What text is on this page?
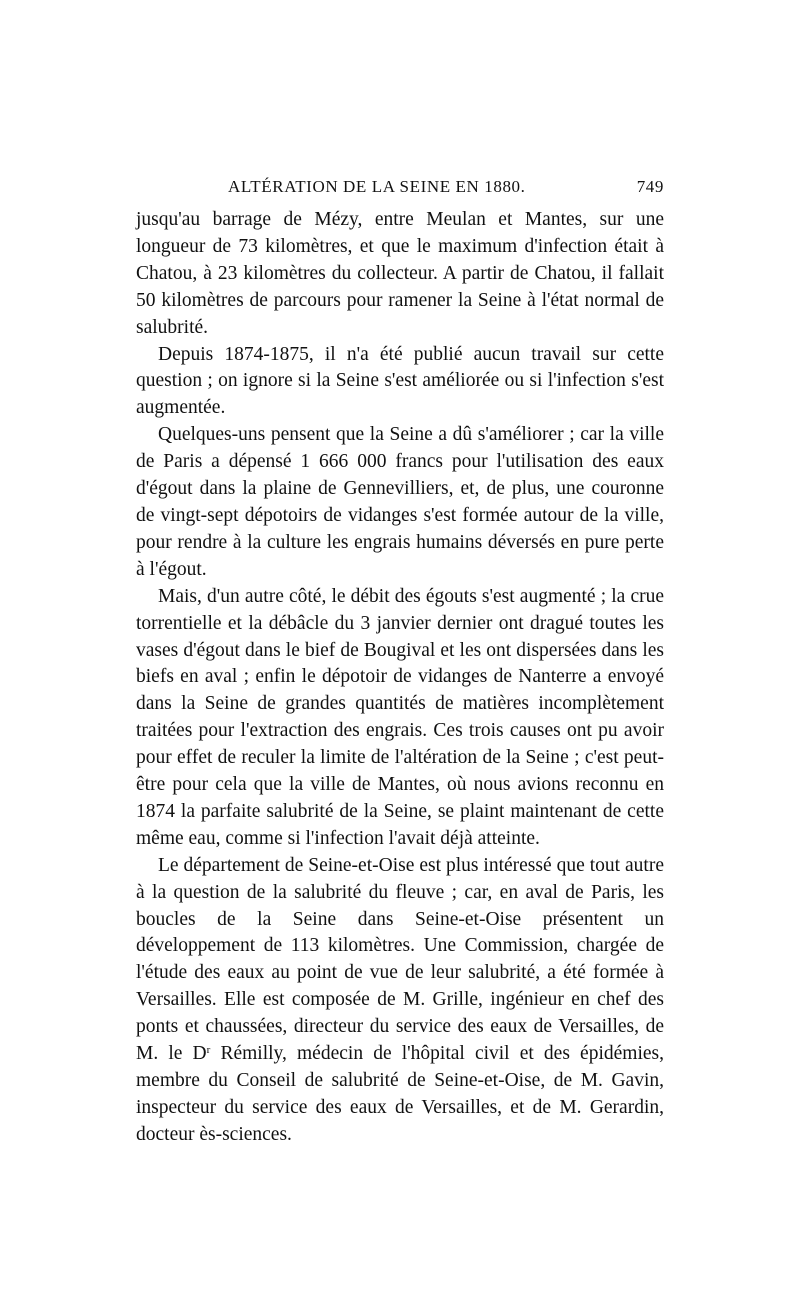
ALTÉRATION DE LA SEINE EN 1880.	749

jusqu'au barrage de Mézy, entre Meulan et Mantes, sur une longueur de 73 kilomètres, et que le maximum d'infection était à Chatou, à 23 kilomètres du collecteur. A partir de Chatou, il fallait 50 kilomètres de parcours pour ramener la Seine à l'état normal de salubrité.

Depuis 1874-1875, il n'a été publié aucun travail sur cette question ; on ignore si la Seine s'est améliorée ou si l'infection s'est augmentée.

Quelques-uns pensent que la Seine a dû s'améliorer ; car la ville de Paris a dépensé 1 666 000 francs pour l'utilisation des eaux d'égout dans la plaine de Gennevilliers, et, de plus, une couronne de vingt-sept dépotoirs de vidanges s'est formée autour de la ville, pour rendre à la culture les engrais humains déversés en pure perte à l'égout.

Mais, d'un autre côté, le débit des égouts s'est augmenté ; la crue torrentielle et la débâcle du 3 janvier dernier ont dragué toutes les vases d'égout dans le bief de Bougival et les ont dispersées dans les biefs en aval ; enfin le dépotoir de vidanges de Nanterre a envoyé dans la Seine de grandes quantités de matières incomplètement traitées pour l'extraction des engrais. Ces trois causes ont pu avoir pour effet de reculer la limite de l'altération de la Seine ; c'est peut-être pour cela que la ville de Mantes, où nous avions reconnu en 1874 la parfaite salubrité de la Seine, se plaint maintenant de cette même eau, comme si l'infection l'avait déjà atteinte.

Le département de Seine-et-Oise est plus intéressé que tout autre à la question de la salubrité du fleuve ; car, en aval de Paris, les boucles de la Seine dans Seine-et-Oise présentent un développement de 113 kilomètres. Une Commission, chargée de l'étude des eaux au point de vue de leur salubrité, a été formée à Versailles. Elle est composée de M. Grille, ingénieur en chef des ponts et chaussées, directeur du service des eaux de Versailles, de M. le $D^r$ Rémilly, médecin de l'hôpital civil et des épidémies, membre du Conseil de salubrité de Seine-et-Oise, de M. Gavin, inspecteur du service des eaux de Versailles, et de M. Gerardin, docteur ès-sciences.
